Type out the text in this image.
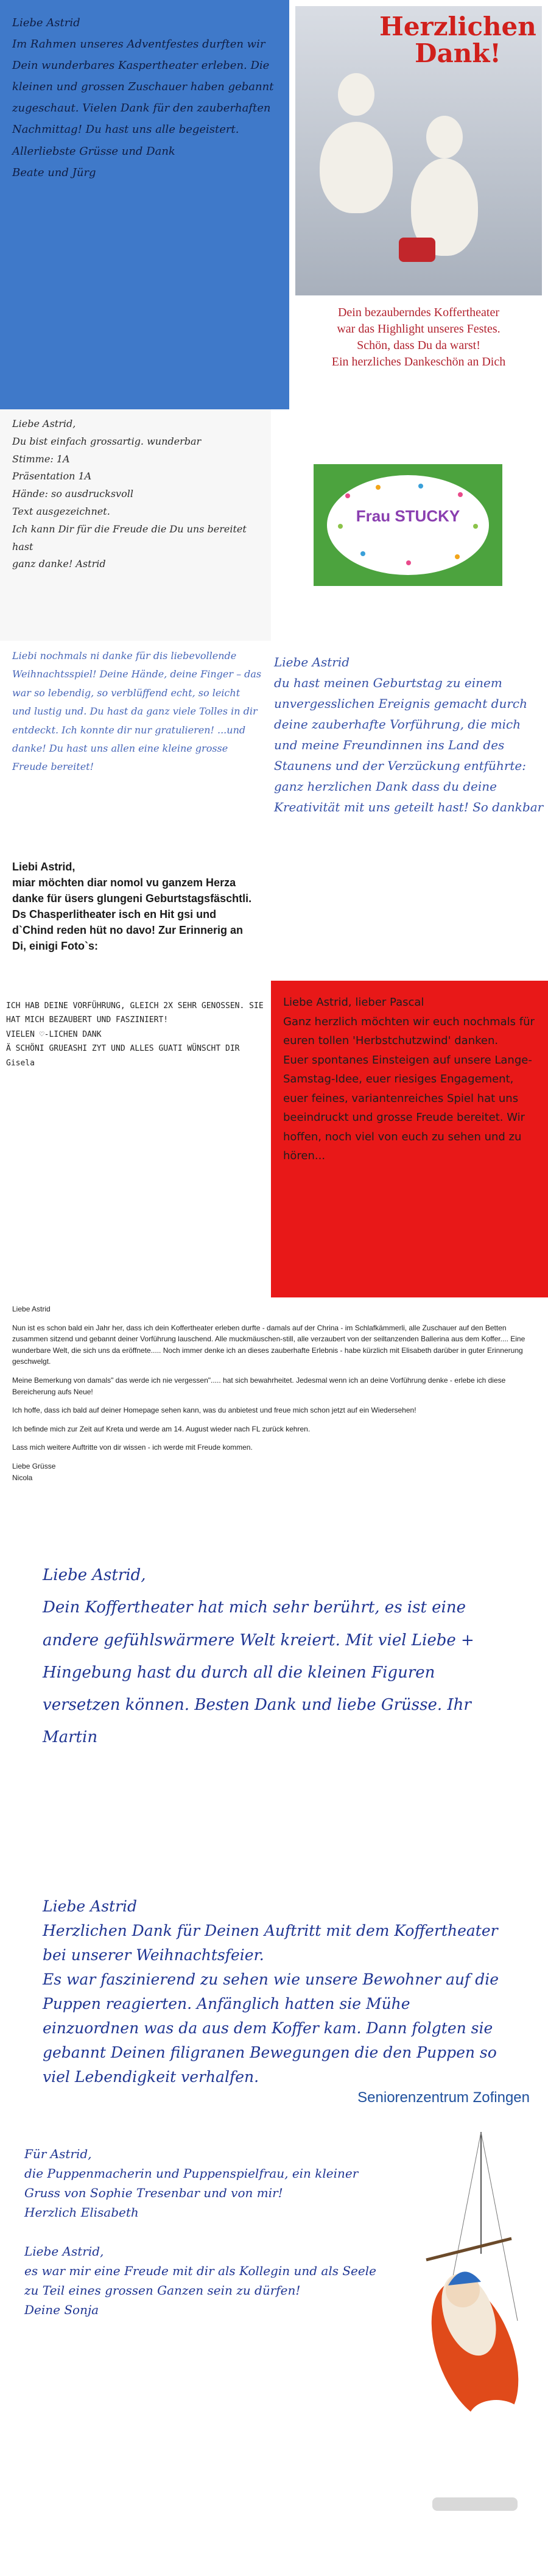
Liebe Astrid
Im Rahmen unseres Adventfestes durften wir Dein wunderbares Kaspertheater erleben. Die kleinen und grossen Zuschauer haben gebannt zugeschaut. Vielen Dank für den zauberhaften Nachmittag! Du hast uns alle begeistert.
Allerliebste Grüsse und Dank
Beate und Jürg
Herzlichen Dank!
Dein bezauberndes Koffertheater
war das Highlight unseres Festes.
Schön, dass Du da warst!
Ein herzliches Dankeschön an Dich
Liebe Astrid,
Du bist einfach grossartig. wunderbar
Stimme: 1A
Präsentation 1A
Hände: so ausdrucksvoll
Text ausgezeichnet.
Ich kann Dir für die Freude die Du uns bereitet hast
ganz danke! Astrid
Frau STUCKY
Liebi nochmals ni danke für dis liebevollende Weihnachtsspiel! Deine Hände, deine Finger – das war so lebendig, so verblüffend echt, so leicht und lustig und. Du hast da ganz viele Tolles in dir entdeckt. Ich konnte dir nur gratulieren! ...und danke! Du hast uns allen eine kleine grosse Freude bereitet!
Liebe Astrid
du hast meinen Geburtstag zu einem unvergesslichen Ereignis gemacht durch deine zauberhafte Vorführung, die mich und meine Freundinnen ins Land des Staunens und der Verzückung entführte: ganz herzlichen Dank dass du deine Kreativität mit uns geteilt hast! So dankbar
Liebi Astrid,
miar möchten diar nomol vu ganzem Herza danke für üsers glungeni Geburtstagsfäschtli. Ds Chasperlitheater isch en Hit gsi und d`Chind reden hüt no davo! Zur Erinnerig an Di, einigi Foto`s:
ICH HAB DEINE VORFÜHRUNG, GLEICH 2X SEHR GENOSSEN. SIE HAT MICH BEZAUBERT UND FASZINIERT!
VIELEN ♡-LICHEN DANK
Ä SCHÖNI GRUEASHI ZYT UND ALLES GUATI WÜNSCHT DIR Gisela
Liebe Astrid, lieber Pascal
Ganz herzlich möchten wir euch nochmals für euren tollen 'Herbstchutzwind' danken.
Euer spontanes Einsteigen auf unsere Lange-Samstag-Idee, euer riesiges Engagement, euer feines, variantenreiches Spiel hat uns beeindruckt und grosse Freude bereitet. Wir hoffen, noch viel von euch zu sehen und zu hören...

Liebe Astrid

Nun ist es schon bald ein Jahr her, dass ich dein Koffertheater erleben durfte - damals auf der Chrina - im Schlafkämmerli, alle Zuschauer auf den Betten zusammen sitzend und gebannt deiner Vorführung lauschend. Alle muckmäuschen-still, alle verzaubert von der seiltanzenden Ballerina aus dem Koffer.... Eine wunderbare Welt, die sich uns da eröffnete..... Noch immer denke ich an dieses zauberhafte Erlebnis - habe kürzlich mit Elisabeth darüber in guter Erinnerung geschwelgt.

Meine Bemerkung von damals" das werde ich nie vergessen"..... hat sich bewahrheitet. Jedesmal wenn ich an deine Vorführung denke - erlebe ich diese Bereicherung aufs Neue!

Ich hoffe, dass ich bald auf deiner Homepage sehen kann, was du anbietest und freue mich schon jetzt auf ein Wiedersehen!

Ich befinde mich zur Zeit auf Kreta und werde am 14. August wieder nach FL zurück kehren.

Lass mich weitere Auftritte von dir wissen - ich werde mit Freude kommen.

Liebe Grüsse
Nicola

Liebe Astrid,
Dein Koffertheater hat mich sehr berührt, es ist eine andere gefühlswärmere Welt kreiert. Mit viel Liebe + Hingebung hast du durch all die kleinen Figuren versetzen können. Besten Dank und liebe Grüsse. Ihr Martin
Liebe Astrid
Herzlichen Dank für Deinen Auftritt mit dem Koffertheater bei unserer Weihnachtsfeier.
Es war faszinierend zu sehen wie unsere Bewohner auf die Puppen reagierten. Anfänglich hatten sie Mühe einzuordnen was da aus dem Koffer kam. Dann folgten sie gebannt Deinen filigranen Bewegungen die den Puppen so viel Lebendigkeit verhalfen.
Seniorenzentrum Zofingen
Für Astrid,
die Puppenmacherin und Puppenspielfrau, ein kleiner Gruss von Sophie Tresenbar und von mir!
Herzlich Elisabeth

Liebe Astrid,
es war mir eine Freude mit dir als Kollegin und als Seele zu Teil eines grossen Ganzen sein zu dürfen!
Deine Sonja
